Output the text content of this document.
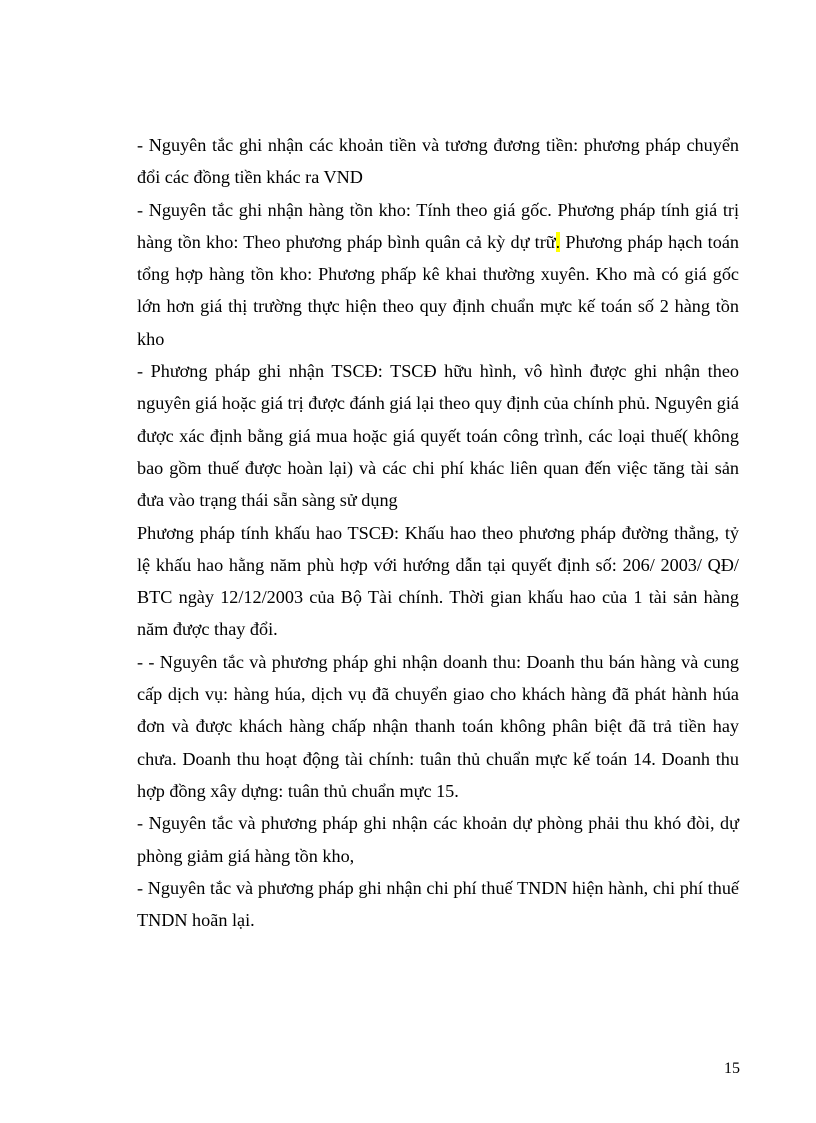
- Nguyên tắc ghi nhận các khoản tiền và tương đương tiền: phương pháp chuyển đổi các đồng tiền khác ra VND

- Nguyên tắc ghi nhận hàng tồn kho: Tính theo giá gốc. Phương pháp tính giá trị hàng tồn kho: Theo phương pháp bình quân cả kỳ dự trữ. Phương pháp hạch toán tổng hợp hàng tồn kho: Phương phấp kê khai thường xuyên. Kho mà có giá gốc lớn hơn giá thị trường thực hiện theo quy định chuẩn mực kế toán số 2 hàng tồn kho

- Phương pháp ghi nhận TSCĐ: TSCĐ hữu hình, vô hình được ghi nhận theo nguyên giá hoặc giá trị được đánh giá lại theo quy định của chính phủ. Nguyên giá được xác định bằng giá mua hoặc giá quyết toán công trình, các loại thuế( không bao gồm thuế được hoàn lại) và các chi phí khác liên quan đến việc tăng tài sản đưa vào trạng thái sẵn sàng sử dụng

Phương pháp tính khấu hao TSCĐ: Khấu hao theo phương pháp đường thẳng, tỷ lệ khấu hao hằng năm phù hợp với hướng dẫn tại quyết định số: 206/ 2003/ QĐ/ BTC ngày 12/12/2003 của Bộ Tài chính. Thời gian khấu hao của 1 tài sản hàng năm được thay đổi.

- - Nguyên tắc và phương pháp ghi nhận doanh thu: Doanh thu bán hàng và cung cấp dịch vụ: hàng húa, dịch vụ đã chuyển giao cho khách hàng đã phát hành húa đơn và được khách hàng chấp nhận thanh toán không phân biệt đã trả tiền hay chưa. Doanh thu hoạt động tài chính: tuân thủ chuẩn mực kế toán 14. Doanh thu hợp đồng xây dựng: tuân thủ chuẩn mực 15.

- Nguyên tắc và phương pháp ghi nhận các khoản dự phòng phải thu khó đòi, dự phòng giảm giá hàng tồn kho,

- Nguyên tắc và phương pháp ghi nhận chi phí thuế TNDN hiện hành, chi phí thuế TNDN hoãn lại.

15
